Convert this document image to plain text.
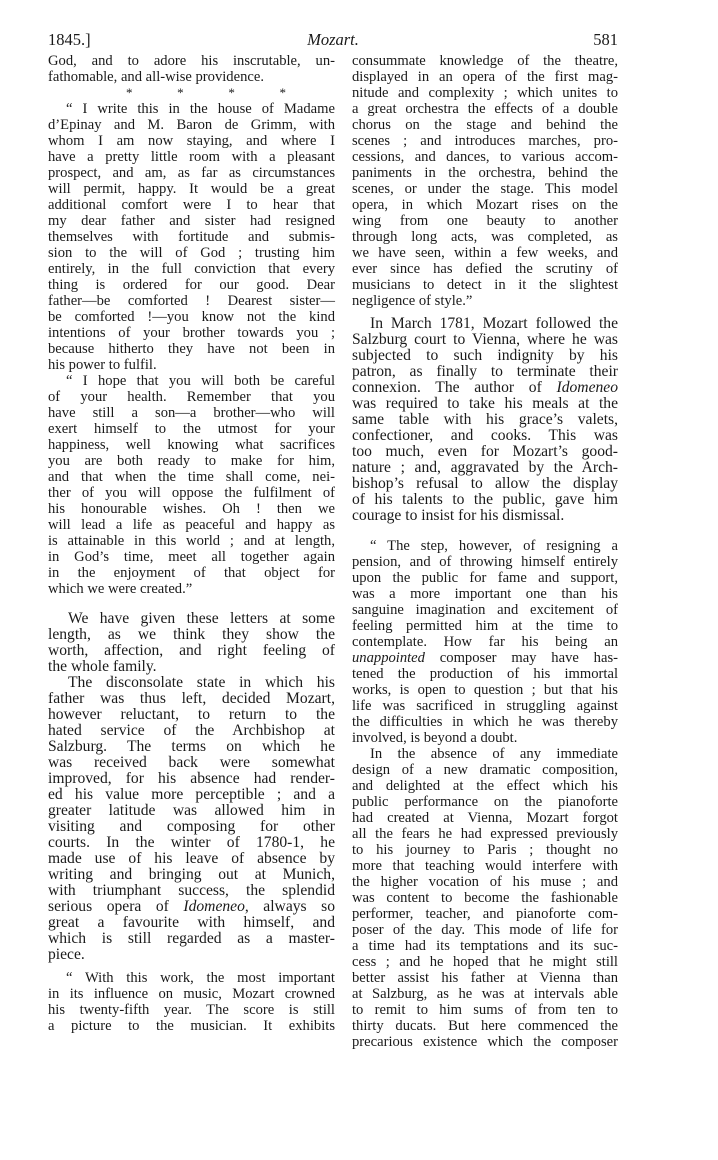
1845.]	Mozart.	581
God, and to adore his inscrutable, un-
fathomable, and all-wise providence.
*	*	*	*
“ I write this in the house of Madame
d’Epinay and M. Baron de Grimm, with
whom I am now staying, and where I
have a pretty little room with a pleasant
prospect, and am, as far as circumstances
will permit, happy. It would be a great
additional comfort were I to hear that
my dear father and sister had resigned
themselves with fortitude and submis-
sion to the will of God ; trusting him
entirely, in the full conviction that every
thing is ordered for our good. Dear
father—be comforted ! Dearest sister—
be comforted !—you know not the kind
intentions of your brother towards you ;
because hitherto they have not been in
his power to fulfil.
“ I hope that you will both be careful
of your health. Remember that you
have still a son—a brother—who will
exert himself to the utmost for your
happiness, well knowing what sacrifices
you are both ready to make for him,
and that when the time shall come, nei-
ther of you will oppose the fulfilment of
his honourable wishes. Oh ! then we
will lead a life as peaceful and happy as
is attainable in this world ; and at length,
in God’s time, meet all together again
in the enjoyment of that object for
which we were created.”
We have given these letters at some
length, as we think they show the
worth, affection, and right feeling of
the whole family.
The disconsolate state in which his
father was thus left, decided Mozart,
however reluctant, to return to the
hated service of the Archbishop at
Salzburg. The terms on which he
was received back were somewhat
improved, for his absence had render-
ed his value more perceptible ; and a
greater latitude was allowed him in
visiting and composing for other
courts. In the winter of 1780-1, he
made use of his leave of absence by
writing and bringing out at Munich,
with triumphant success, the splendid
serious opera of Idomeneo, always so
great a favourite with himself, and
which is still regarded as a master-
piece.
“ With this work, the most important
in its influence on music, Mozart crowned
his twenty-fifth year. The score is still
a picture to the musician. It exhibits
consummate knowledge of the theatre,
displayed in an opera of the first mag-
nitude and complexity ; which unites to
a great orchestra the effects of a double
chorus on the stage and behind the
scenes ; and introduces marches, pro-
cessions, and dances, to various accom-
paniments in the orchestra, behind the
scenes, or under the stage. This model
opera, in which Mozart rises on the
wing from one beauty to another
through long acts, was completed, as
we have seen, within a few weeks, and
ever since has defied the scrutiny of
musicians to detect in it the slightest
negligence of style.”
In March 1781, Mozart followed the
Salzburg court to Vienna, where he was
subjected to such indignity by his
patron, as finally to terminate their
connexion. The author of Idomeneo
was required to take his meals at the
same table with his grace’s valets,
confectioner, and cooks. This was
too much, even for Mozart’s good-
nature ; and, aggravated by the Arch-
bishop’s refusal to allow the display
of his talents to the public, gave him
courage to insist for his dismissal.
“ The step, however, of resigning a
pension, and of throwing himself entirely
upon the public for fame and support,
was a more important one than his
sanguine imagination and excitement of
feeling permitted him at the time to
contemplate. How far his being an
unappointed composer may have has-
tened the production of his immortal
works, is open to question ; but that his
life was sacrificed in struggling against
the difficulties in which he was thereby
involved, is beyond a doubt.
In the absence of any immediate
design of a new dramatic composition,
and delighted at the effect which his
public performance on the pianoforte
had created at Vienna, Mozart forgot
all the fears he had expressed previously
to his journey to Paris ; thought no
more that teaching would interfere with
the higher vocation of his muse ; and
was content to become the fashionable
performer, teacher, and pianoforte com-
poser of the day. This mode of life for
a time had its temptations and its suc-
cess ; and he hoped that he might still
better assist his father at Vienna than
at Salzburg, as he was at intervals able
to remit to him sums of from ten to
thirty ducats. But here commenced the
precarious existence which the composer
